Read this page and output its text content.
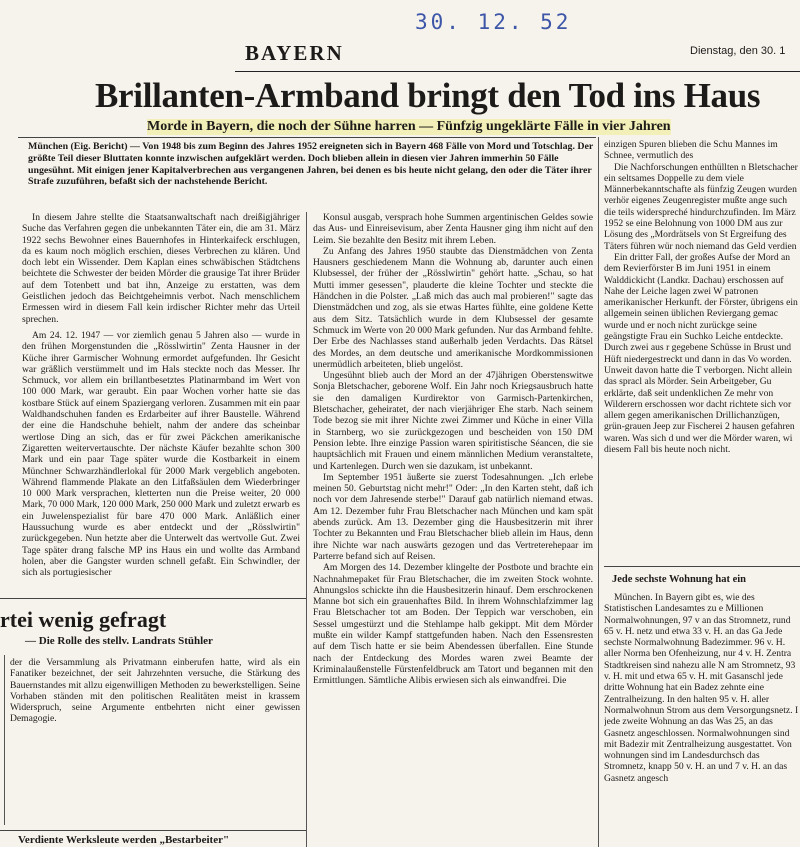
30. 12. 52
BAYERN	Dienstag, den 30. 1
Brillanten-Armband bringt den Tod ins Haus
Morde in Bayern, die noch der Sühne harren — Fünfzig ungeklärte Fälle in vier Jahren
München (Eig. Bericht) — Von 1948 bis zum Beginn des Jahres 1952 ereigneten sich in Bayern 468 Fälle von Mord und Totschlag. Der größte Teil dieser Bluttaten konnte inzwischen aufgeklärt werden. Doch blieben allein in diesen vier Jahren immerhin 50 Fälle ungesühnt. Mit einigen jener Kapitalverbrechen aus vergangenen Jahren, bei denen es bis heute nicht gelang, den oder die Täter ihrer Strafe zuzuführen, befaßt sich der nachstehende Bericht.

In diesem Jahre stellte die Staatsanwaltschaft nach dreißigjähriger Suche das Verfahren gegen die unbekannten Täter ein, die am 31. März 1922 sechs Bewohner eines Bauernhofes in Hinterkaifeck erschlugen, da es kaum noch möglich erschien, dieses Verbrechen zu klären. Und doch lebt ein Wissender. Dem Kaplan eines schwäbischen Städtchens beichtete die Schwester der beiden Mörder die grausige Tat ihrer Brüder auf dem Totenbett und bat ihn, Anzeige zu erstatten, was dem Geistlichen jedoch das Beichtgeheimnis verbot. Nach menschlichem Ermessen wird in diesem Fall kein irdischer Richter mehr das Urteil sprechen.

Am 24. 12. 1947 — vor ziemlich genau 5 Jahren also — wurde in den frühen Morgenstunden die „Rösslwirtin" Zenta Hausner in der Küche ihrer Garmischer Wohnung ermordet aufgefunden. Ihr Gesicht war gräßlich verstümmelt und im Hals steckte noch das Messer. Ihr Schmuck, vor allem ein brillantbesetztes Platinarmband im Wert von 100 000 Mark, war geraubt. Ein paar Wochen vorher hatte sie das kostbare Stück auf einem Spaziergang verloren. Zusammen mit ein paar Waldhandschuhen fanden es Erdarbeiter auf ihrer Baustelle. Während der eine die Handschuhe behielt, nahm der andere das scheinbar wertlose Ding an sich, das er für zwei Päckchen amerikanische Zigaretten weitervertauschte. Der nächste Käufer bezahlte schon 300 Mark und ein paar Tage später wurde die Kostbarkeit in einem Münchner Schwarzhändlerlokal für 2000 Mark vergeblich angeboten. Während flammende Plakate an den Litfaßsäulen dem Wiederbringer 10 000 Mark versprachen, kletterten nun die Preise weiter, 20 000 Mark, 70 000 Mark, 120 000 Mark, 250 000 Mark und zuletzt erwarb es ein Juwelenspezialist für bare 470 000 Mark. Anläßlich einer Haussuchung wurde es aber entdeckt und der „Rösslwirtin" zurückgegeben. Nun hetzte aber die Unterwelt das wertvolle Gut. Zwei Tage später drang falsche MP ins Haus ein und wollte das Armband holen, aber die Gangster wurden schnell gefaßt. Ein Schwindler, der sich als portugiesischer

Konsul ausgab, versprach hohe Summen argentinischen Geldes sowie das Aus- und Einreisevisum, aber Zenta Hausner ging ihm nicht auf den Leim. Sie bezahlte den Besitz mit ihrem Leben.

Zu Anfang des Jahres 1950 staubte das Dienstmädchen von Zenta Hausners geschiedenem Mann die Wohnung ab, darunter auch einen Klubsessel, der früher der „Rösslwirtin" gehört hatte. „Schau, so hat Mutti immer gesessen", plauderte die kleine Tochter und steckte die Händchen in die Polster. „Laß mich das auch mal probieren!" sagte das Dienstmädchen und zog, als sie etwas Hartes fühlte, eine goldene Kette aus dem Sitz. Tatsächlich wurde in dem Klubsessel der gesamte Schmuck im Werte von 20 000 Mark gefunden. Nur das Armband fehlte. Der Erbe des Nachlasses stand außerhalb jeden Verdachts. Das Rätsel des Mordes, an dem deutsche und amerikanische Mordkommissionen unermüdlich arbeiteten, blieb ungelöst.

Ungesühnt blieb auch der Mord an der 47jährigen Oberstenswitwe Sonja Bletschacher, geborene Wolf. Ein Jahr noch Kriegsausbruch hatte sie den damaligen Kurdirektor von Garmisch-Partenkirchen, Bletschacher, geheiratet, der nach vierjähriger Ehe starb. Nach seinem Tode bezog sie mit ihrer Nichte zwei Zimmer und Küche in einer Villa in Starnberg, wo sie zurückgezogen und bescheiden von 150 DM Pension lebte. Ihre einzige Passion waren spiritistische Séancen, die sie hauptsächlich mit Frauen und einem männlichen Medium veranstaltete, und Kartenlegen. Durch wen sie dazukam, ist unbekannt.

Im September 1951 äußerte sie zuerst Todesahnungen. „Ich erlebe meinen 50. Geburtstag nicht mehr!" Oder: „In den Karten steht, daß ich noch vor dem Jahresende sterbe!" Darauf gab natürlich niemand etwas. Am 12. Dezember fuhr Frau Bletschacher nach München und kam spät abends zurück. Am 13. Dezember ging die Hausbesitzerin mit ihrer Tochter zu Bekannten und Frau Bletschacher blieb allein im Haus, denn ihre Nichte war nach auswärts gezogen und das Vertreterehepaar im Parterre befand sich auf Reisen.

Am Morgen des 14. Dezember klingelte der Postbote und brachte ein Nachnahmepaket für Frau Bletschacher, die im zweiten Stock wohnte. Ahnungslos schickte ihn die Hausbesitzerin hinauf. Dem erschrockenen Manne bot sich ein grauenhaftes Bild. In ihrem Wohnschlafzimmer lag Frau Bletschacher tot am Boden. Der Teppich war verschoben, ein Sessel umgestürzt und die Stehlampe halb gekippt. Mit dem Mörder mußte ein wilder Kampf stattgefunden haben. Nach den Essensresten auf dem Tisch hatte er sie beim Abendessen überfallen. Eine Stunde nach der Entdeckung des Mordes waren zwei Beamte der Kriminalaußenstelle Fürstenfeldbruck am Tatort und begannen mit den Ermittlungen. Sämtliche Alibis erwiesen sich als einwandfrei. Die

einzigen Spuren blieben die Schu Mannes im Schnee, vermutlich des

Die Nachforschungen enthüllten n Bletschacher ein seltsames Doppelle zu dem viele Männerbekanntschafte als fünfzig Zeugen wurden verhör eigenes Zeugenregister mußte ange such die teils widerspreché hindurchzufinden. Im März 1952 se eine Belohnung von 1000 DM aus zur Lösung des „Mordrätsels von St Ergreifung des Täters führen wür noch niemand das Geld verdien

Ein dritter Fall, der großes Aufse der Mord an dem Revierförster B im Juni 1951 in einem Walddickicht (Landkr. Dachau) erschossen auf Nahe der Leiche lagen zwei W patronen amerikanischer Herkunft. der Förster, übrigens ein allgemein seinen üblichen Reviergang gemac wurde und er noch nicht zurückge seine geängstigte Frau ein Suchko Leiche entdeckte. Durch zwei aus r gegebene Schüsse in Brust und Hüft niedergestreckt und dann in das Vo worden. Unweit davon hatte die T verborgen. Nicht allein das spracl als Mörder. Sein Arbeitgeber, Gu erklärte, daß seit undenklichen Ze mehr von Wilderern erschossen wor dacht richtete sich vor allem gegen amerikanischen Drillichanzügen, grün-grauen Jeep zur Fischerei 2 hausen gefahren waren. Was sich d und wer die Mörder waren, wi diesem Fall bis heute noch nicht.

Jede sechste Wohnung hat ein

München. In Bayern gibt es, wie des Statistischen Landesamtes zu e Millionen Normalwohnungen, 97 v an das Stromnetz, rund 65 v. H. netz und etwa 33 v. H. an das Ga Jede sechste Normalwohnung Badezimmer. 96 v. H. aller Norma ben Ofenheizung, nur 4 v. H. Zentra Stadtkreisen sind nahezu alle N am Stromnetz, 93 v. H. mit und etwa 65 v. H. mit Gasanschl jede dritte Wohnung hat ein Badez zehnte eine Zentralheizung. In den halten 95 v. H. aller Normalwohnun Strom aus dem Versorgungsnetz. I jede zweite Wohnung an das Was 25, an das Gasnetz angeschlossen. Normalwohnungen sind mit Badezir mit Zentralheizung ausgestattet. Von wohnungen sind im Landesdurchsch das Stromnetz, knapp 50 v. H. an und 7 v. H. an das Gasnetz angesch

rtei wenig gefragt
— Die Rolle des stellv. Landrats Stühler

der die Versammlung als Privatmann einberufen hatte, wird als ein Fanatiker bezeichnet, der seit Jahrzehnten versuche, die Stärkung des Bauernstandes mit allzu eigenwilligen Methoden zu bewerkstelligen. Seine Vorhaben ständen mit den politischen Realitäten meist in krassem Widerspruch, seine Argumente entbehrten nicht einer gewissen Demagogie.

Verdiente Werksleute werden „Bestarbeiter"
